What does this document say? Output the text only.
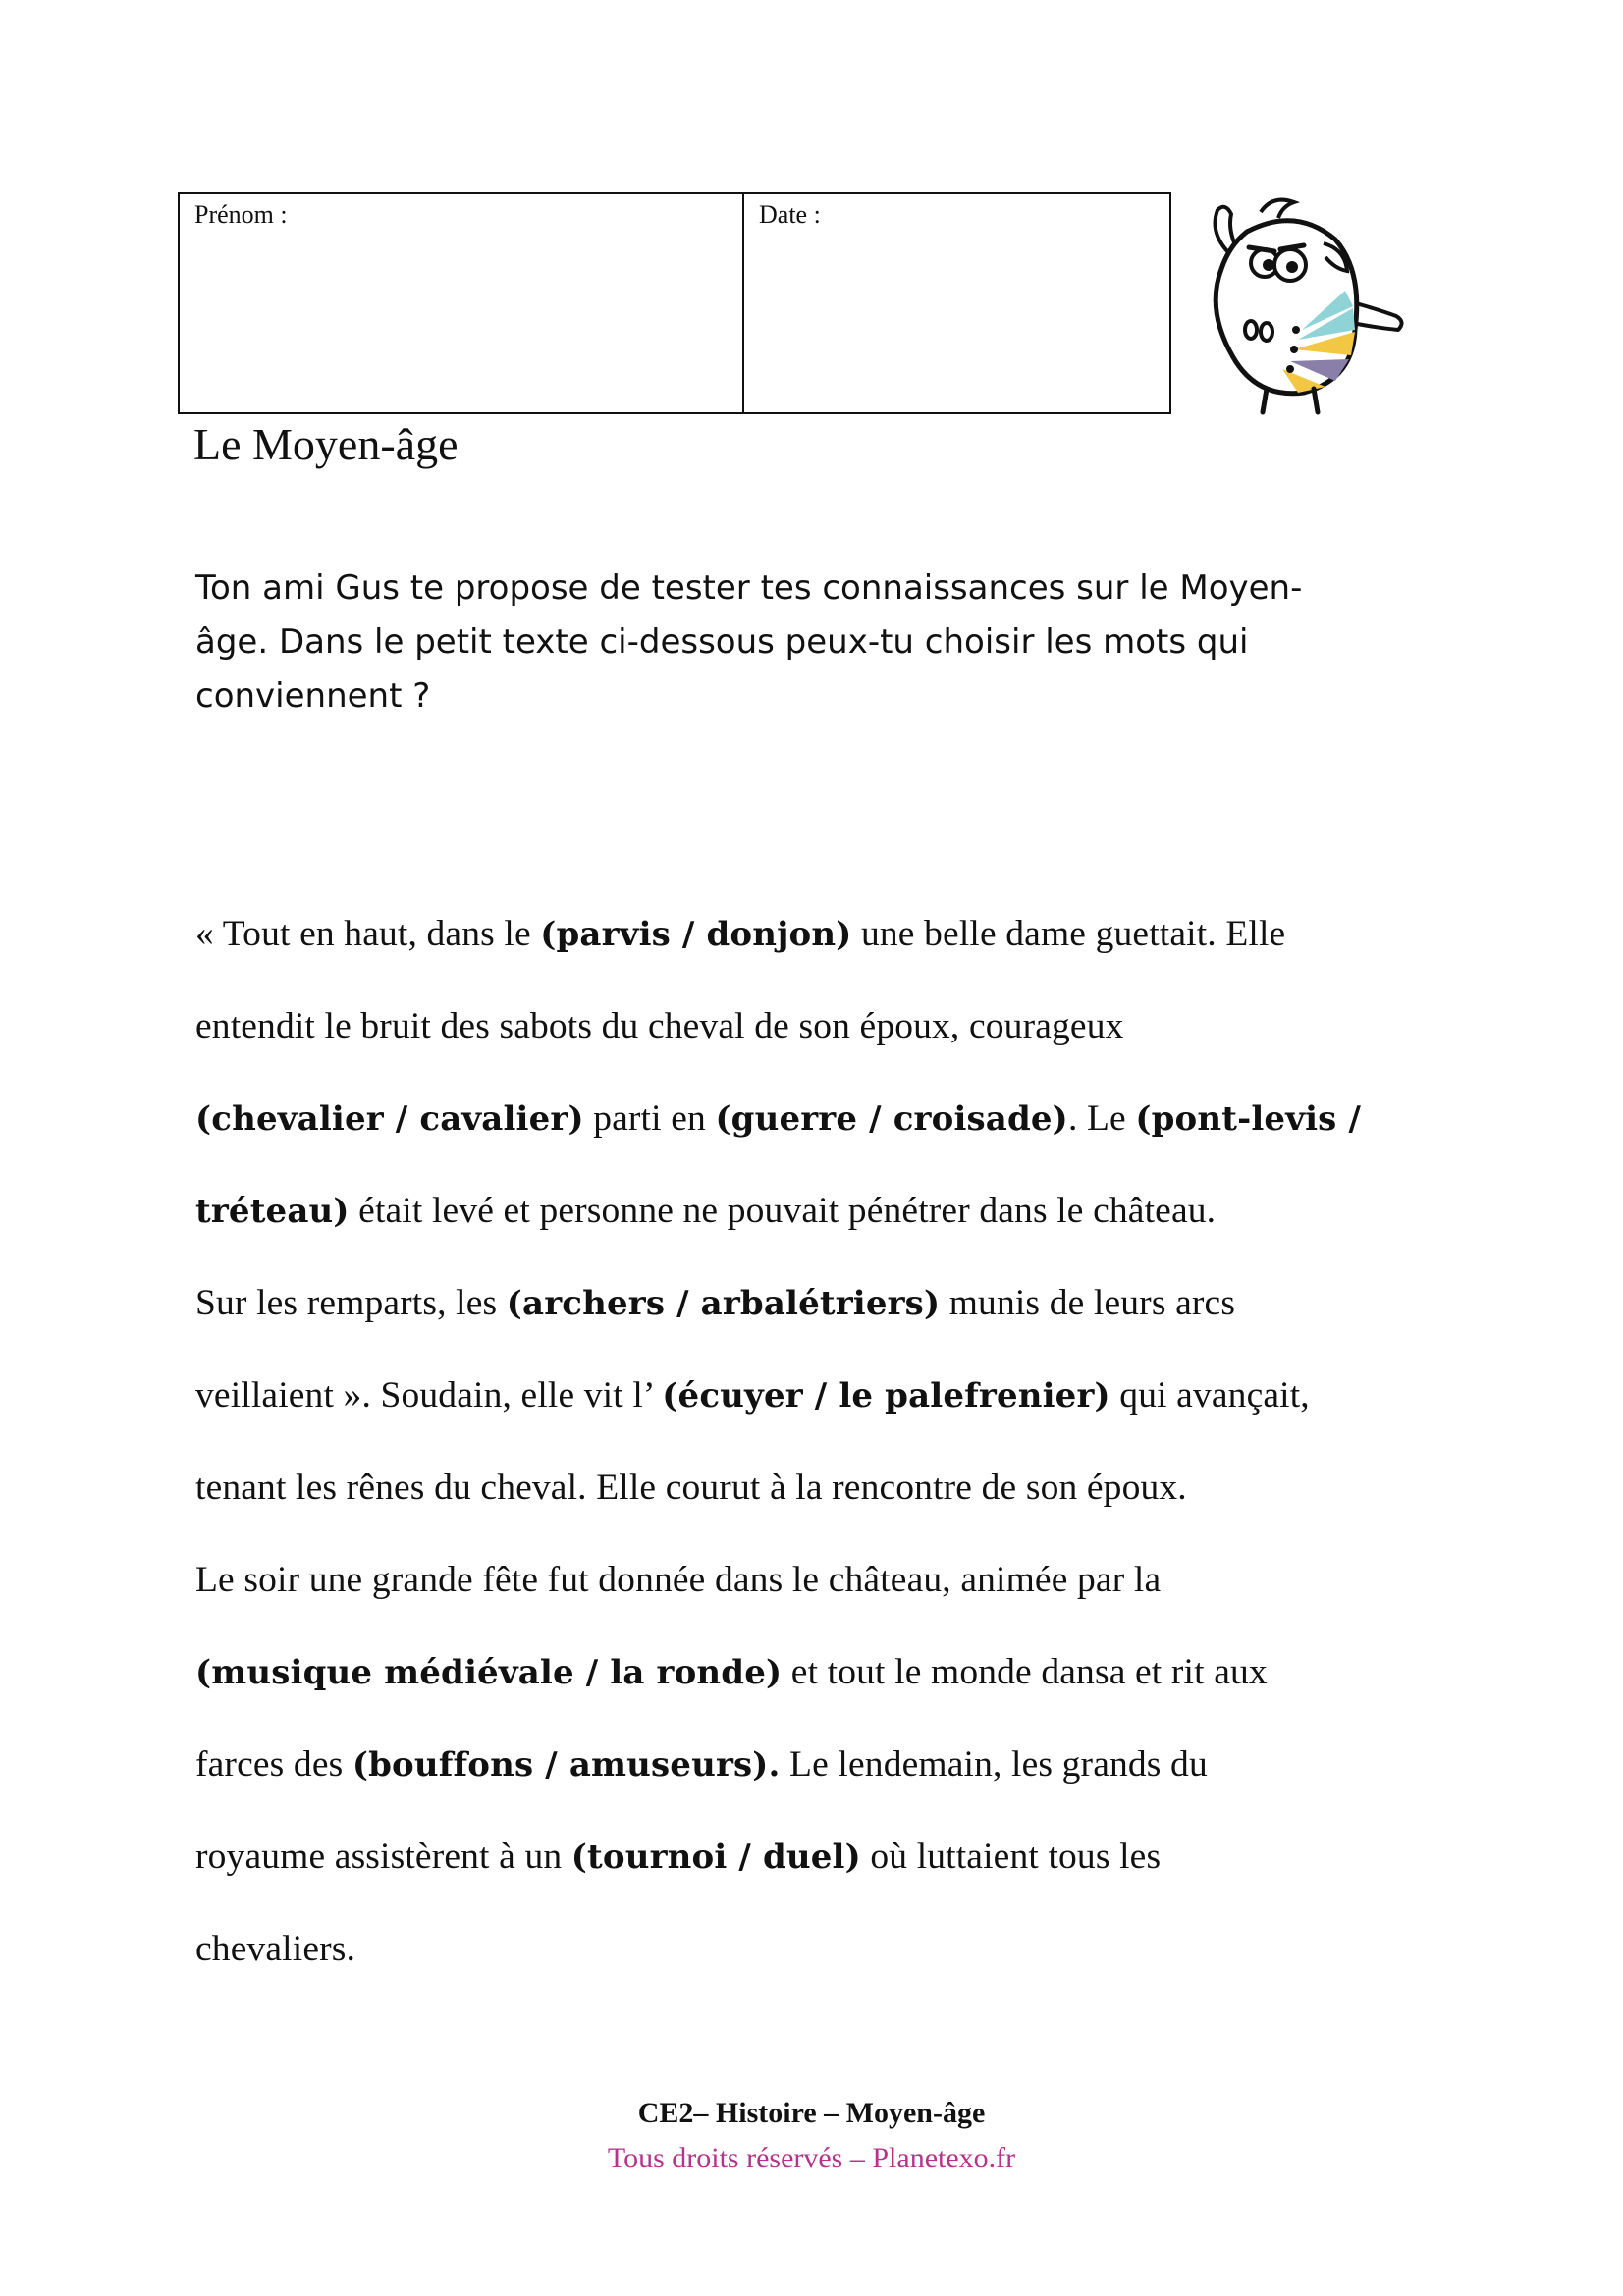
Prénom :	Date :
Le Moyen-âge

Ton ami Gus te propose de tester tes connaissances sur le Moyen-
âge. Dans le petit texte ci-dessous peux-tu choisir les mots qui
conviennent ?

« Tout en haut, dans le (parvis / donjon) une belle dame guettait. Elle
entendit le bruit des sabots du cheval de son époux, courageux
(chevalier / cavalier) parti en (guerre / croisade). Le (pont-levis /
tréteau) était levé et personne ne pouvait pénétrer dans le château.
Sur les remparts, les (archers / arbalétriers) munis de leurs arcs
veillaient ». Soudain, elle vit l’ (écuyer / le palefrenier) qui avançait,
tenant les rênes du cheval. Elle courut à la rencontre de son époux.
Le soir une grande fête fut donnée dans le château, animée par la
(musique médiévale / la ronde) et tout le monde dansa et rit aux
farces des (bouffons / amuseurs). Le lendemain, les grands du
royaume assistèrent à un (tournoi / duel) où luttaient tous les
chevaliers.

CE2– Histoire – Moyen-âge
Tous droits réservés – Planetexo.fr
